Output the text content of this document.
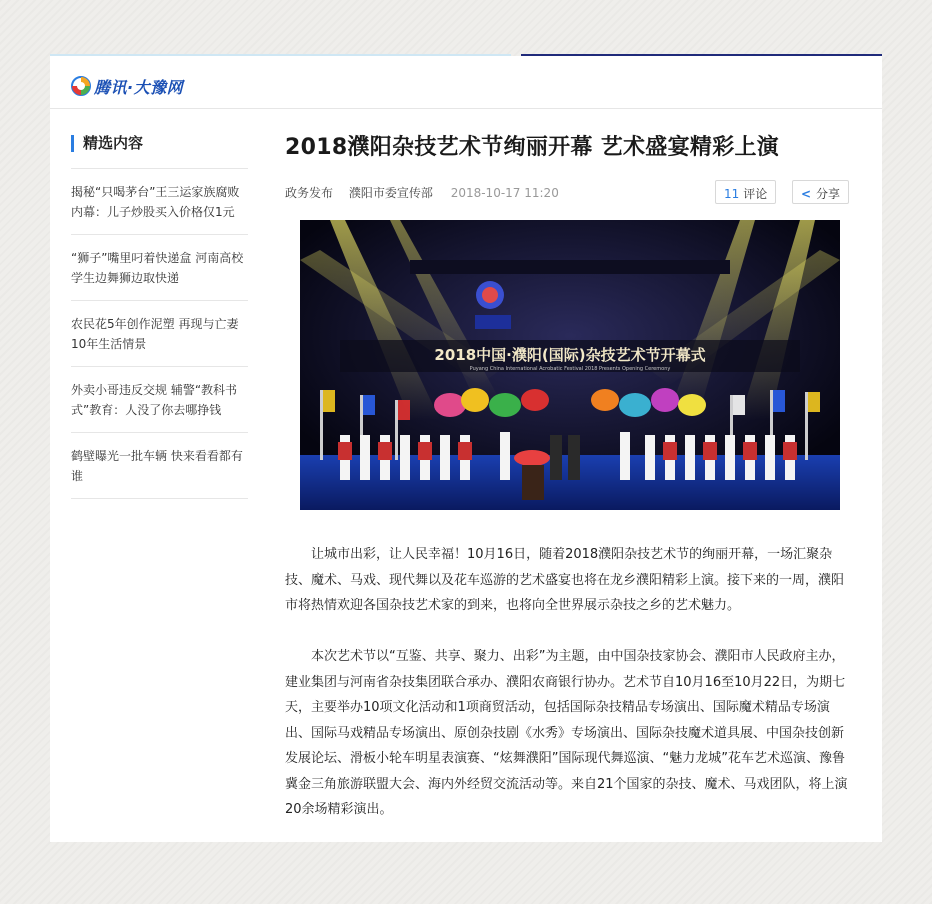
腾讯·大豫网
精选内容
揭秘“只喝茅台”王三运家族腐败内幕：儿子炒股买入价格仅1元
“狮子”嘴里叼着快递盒 河南高校学生边舞狮边取快递
农民花5年创作泥塑 再现与亡妻10年生活情景
外卖小哥违反交规 辅警“教科书式”教育：人没了你去哪挣钱
鹤壁曝光一批车辆 快来看看都有谁
2018濮阳杂技艺术节绚丽开幕 艺术盛宴精彩上演
政务发布 濮阳市委宣传部 2018-10-17 11:20	11 评论	< 分享
2018中国·濮阳(国际)杂技艺术节开幕式
Puyang China International Acrobatic Festival 2018 Presents Opening Ceremony

让城市出彩，让人民幸福！10月16日，随着2018濮阳杂技艺术节的绚丽开幕，一场汇聚杂技、魔术、马戏、现代舞以及花车巡游的艺术盛宴也将在龙乡濮阳精彩上演。接下来的一周，濮阳市将热情欢迎各国杂技艺术家的到来，也将向全世界展示杂技之乡的艺术魅力。

本次艺术节以“互鉴、共享、聚力、出彩”为主题，由中国杂技家协会、濮阳市人民政府主办，建业集团与河南省杂技集团联合承办、濮阳农商银行协办。艺术节自10月16至10月22日，为期七天，主要举办10项文化活动和1项商贸活动，包括国际杂技精品专场演出、国际魔术精品专场演出、国际马戏精品专场演出、原创杂技剧《水秀》专场演出、国际杂技魔术道具展、中国杂技创新发展论坛、滑板小轮车明星表演赛、“炫舞濮阳”国际现代舞巡演、“魅力龙城”花车艺术巡演、豫鲁冀金三角旅游联盟大会、海内外经贸交流活动等。来自21个国家的杂技、魔术、马戏团队，将上演20余场精彩演出。
